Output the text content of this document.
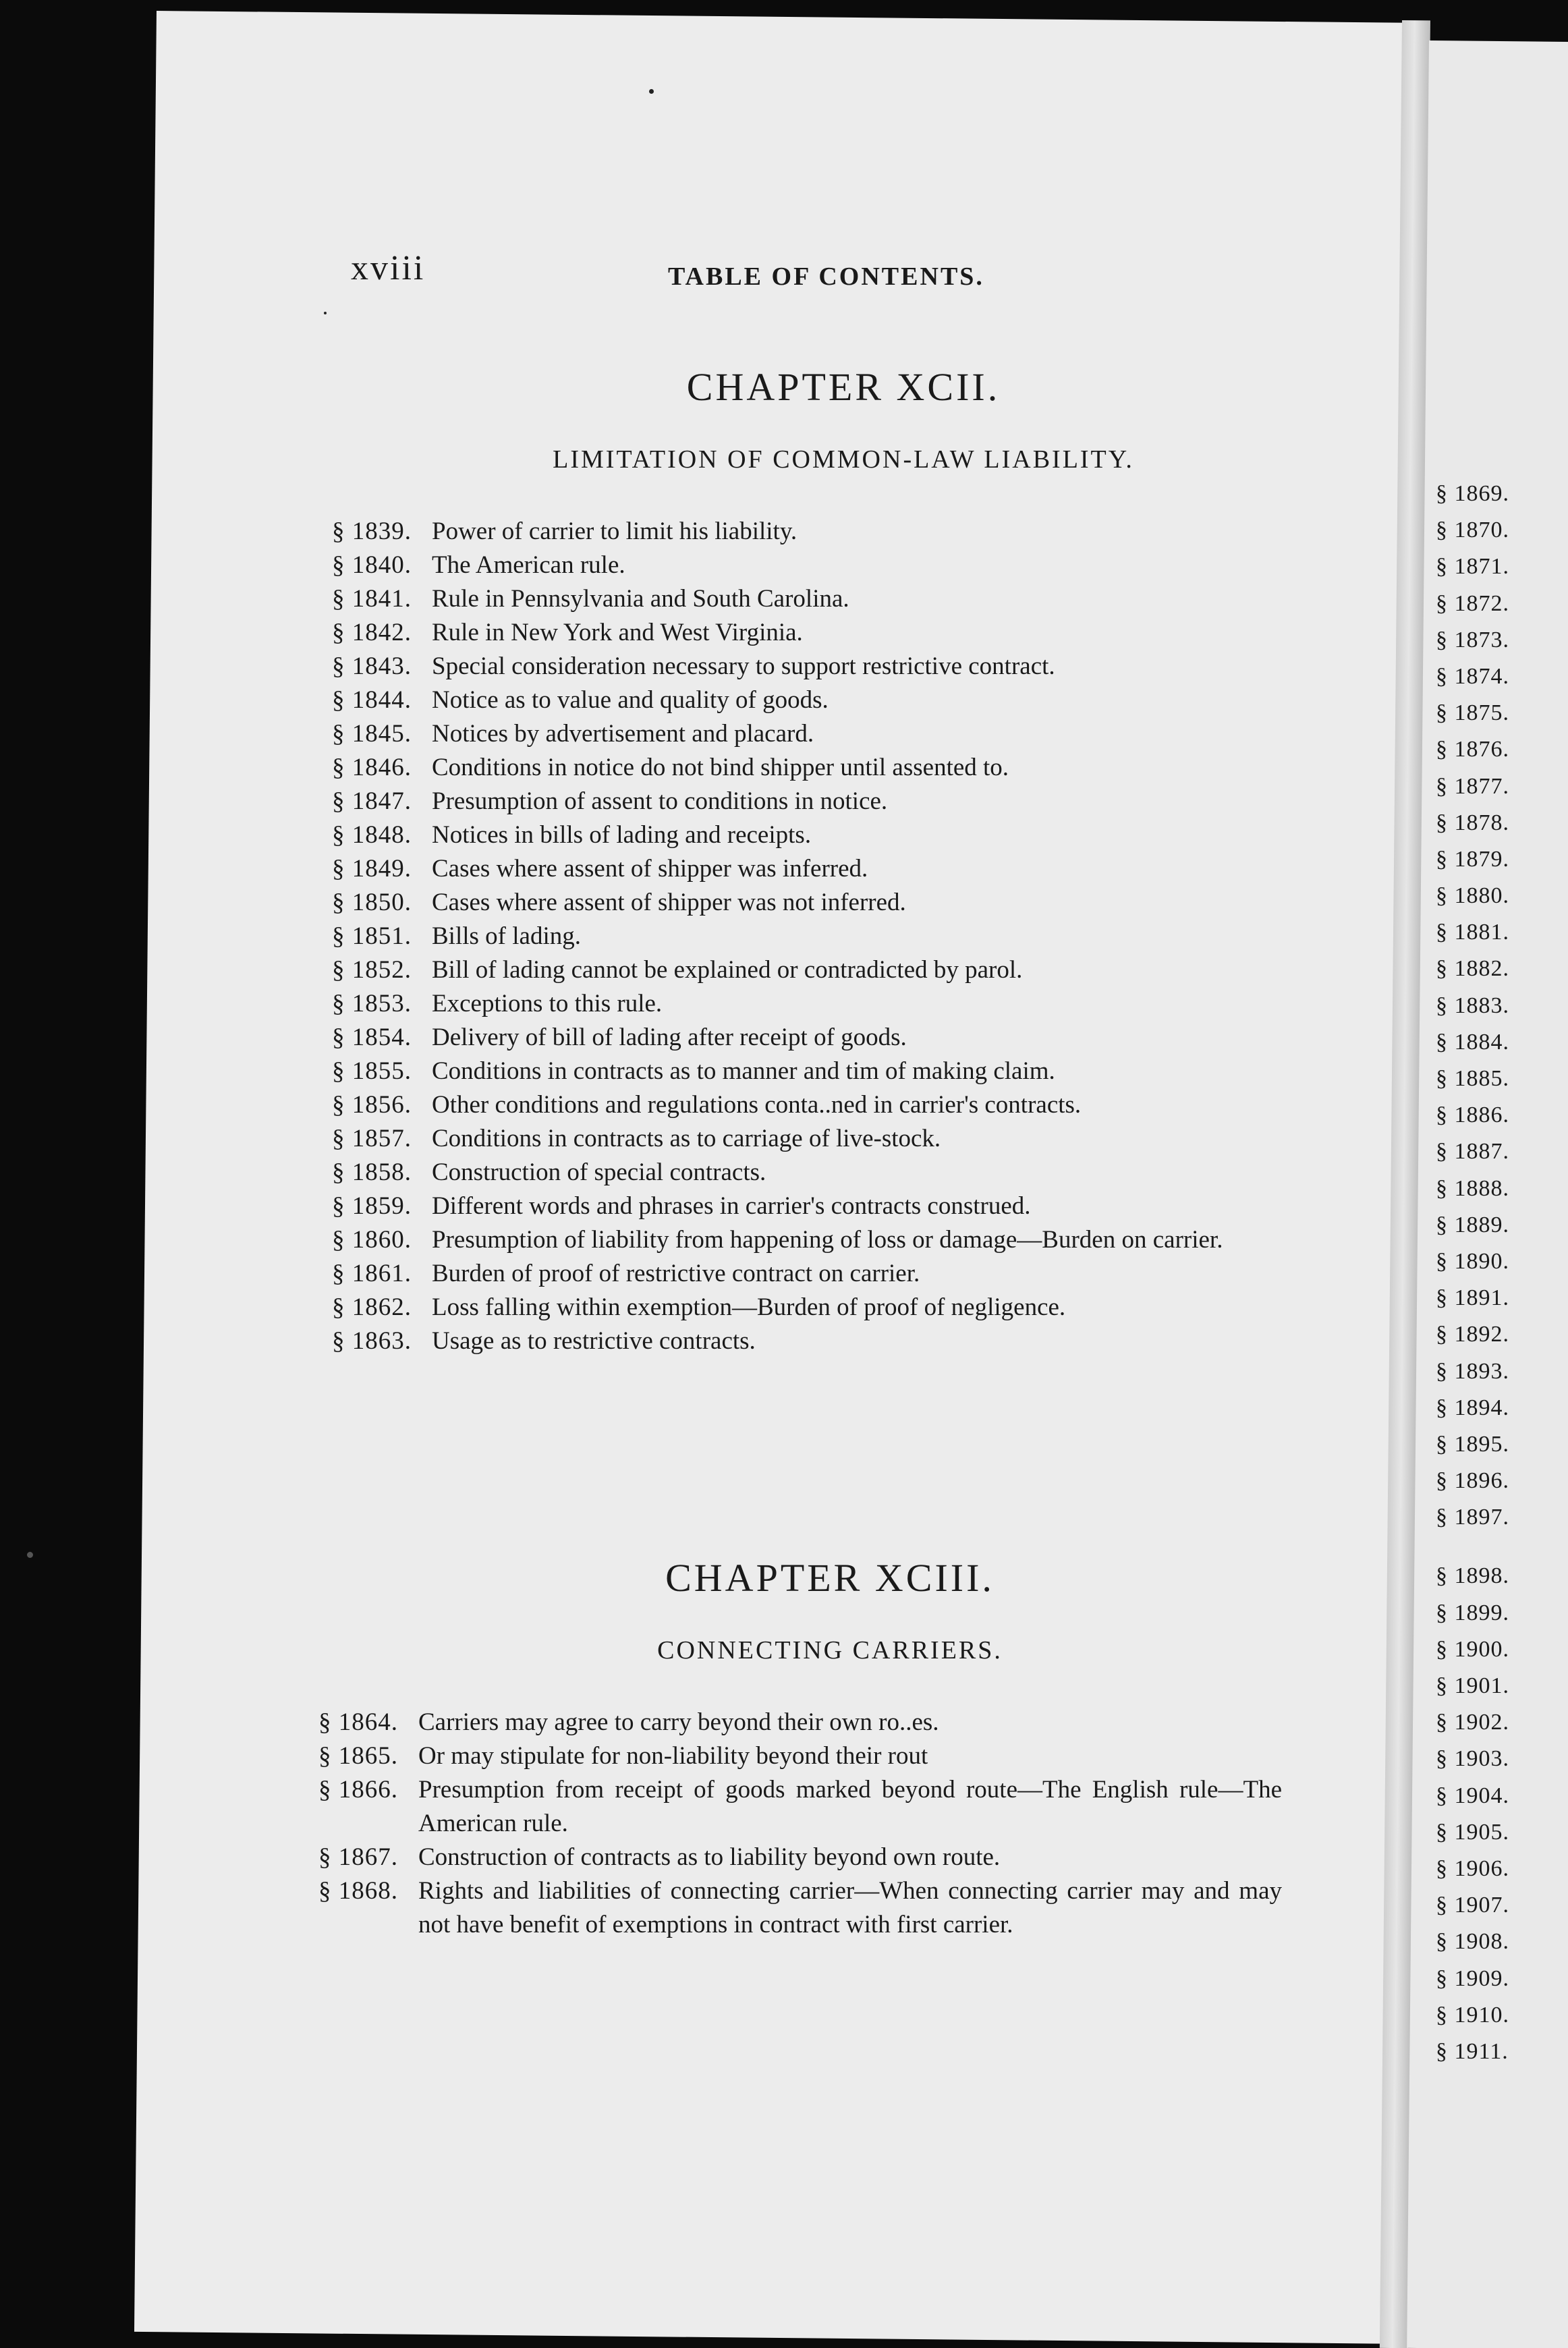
xviii	TABLE OF CONTENTS.
CHAPTER XCII.
LIMITATION OF COMMON-LAW LIABILITY.
§ 1839. Power of carrier to limit his liability.
§ 1840. The American rule.
§ 1841. Rule in Pennsylvania and South Carolina.
§ 1842. Rule in New York and West Virginia.
§ 1843. Special consideration necessary to support restrictive contract.
§ 1844. Notice as to value and quality of goods.
§ 1845. Notices by advertisement and placard.
§ 1846. Conditions in notice do not bind shipper until assented to.
§ 1847. Presumption of assent to conditions in notice.
§ 1848. Notices in bills of lading and receipts.
§ 1849. Cases where assent of shipper was inferred.
§ 1850. Cases where assent of shipper was not inferred.
§ 1851. Bills of lading.
§ 1852. Bill of lading cannot be explained or contradicted by parol.
§ 1853. Exceptions to this rule.
§ 1854. Delivery of bill of lading after receipt of goods.
§ 1855. Conditions in contracts as to manner and tim of making claim.
§ 1856. Other conditions and regulations conta..ned in carrier's contracts.
§ 1857. Conditions in contracts as to carriage of live-stock.
§ 1858. Construction of special contracts.
§ 1859. Different words and phrases in carrier's contracts construed.
§ 1860. Presumption of liability from happening of loss or damage—Burden on carrier.
§ 1861. Burden of proof of restrictive contract on carrier.
§ 1862. Loss falling within exemption—Burden of proof of negligence.
§ 1863. Usage as to restrictive contracts.
CHAPTER XCIII.
CONNECTING CARRIERS.
§ 1864. Carriers may agree to carry beyond their own ro..es.
§ 1865. Or may stipulate for non-liability beyond their rout
§ 1866. Presumption from receipt of goods marked beyond route—The English rule—The American rule.
§ 1867. Construction of contracts as to liability beyond own route.
§ 1868. Rights and liabilities of connecting carrier—When connecting carrier may and may not have benefit of exemptions in contract with first carrier.
§ 1869.
§ 1870.
§ 1871.
§ 1872.
§ 1873.
§ 1874.
§ 1875.
§ 1876.
§ 1877.
§ 1878.
§ 1879.
§ 1880.
§ 1881.
§ 1882.
§ 1883.
§ 1884.
§ 1885.
§ 1886.
§ 1887.
§ 1888.
§ 1889.
§ 1890.
§ 1891.
§ 1892.
§ 1893.
§ 1894.
§ 1895.
§ 1896.
§ 1897.
§ 1898.
§ 1899.
§ 1900.
§ 1901.
§ 1902.
§ 1903.
§ 1904.
§ 1905.
§ 1906.
§ 1907.
§ 1908.
§ 1909.
§ 1910.
§ 1911.
